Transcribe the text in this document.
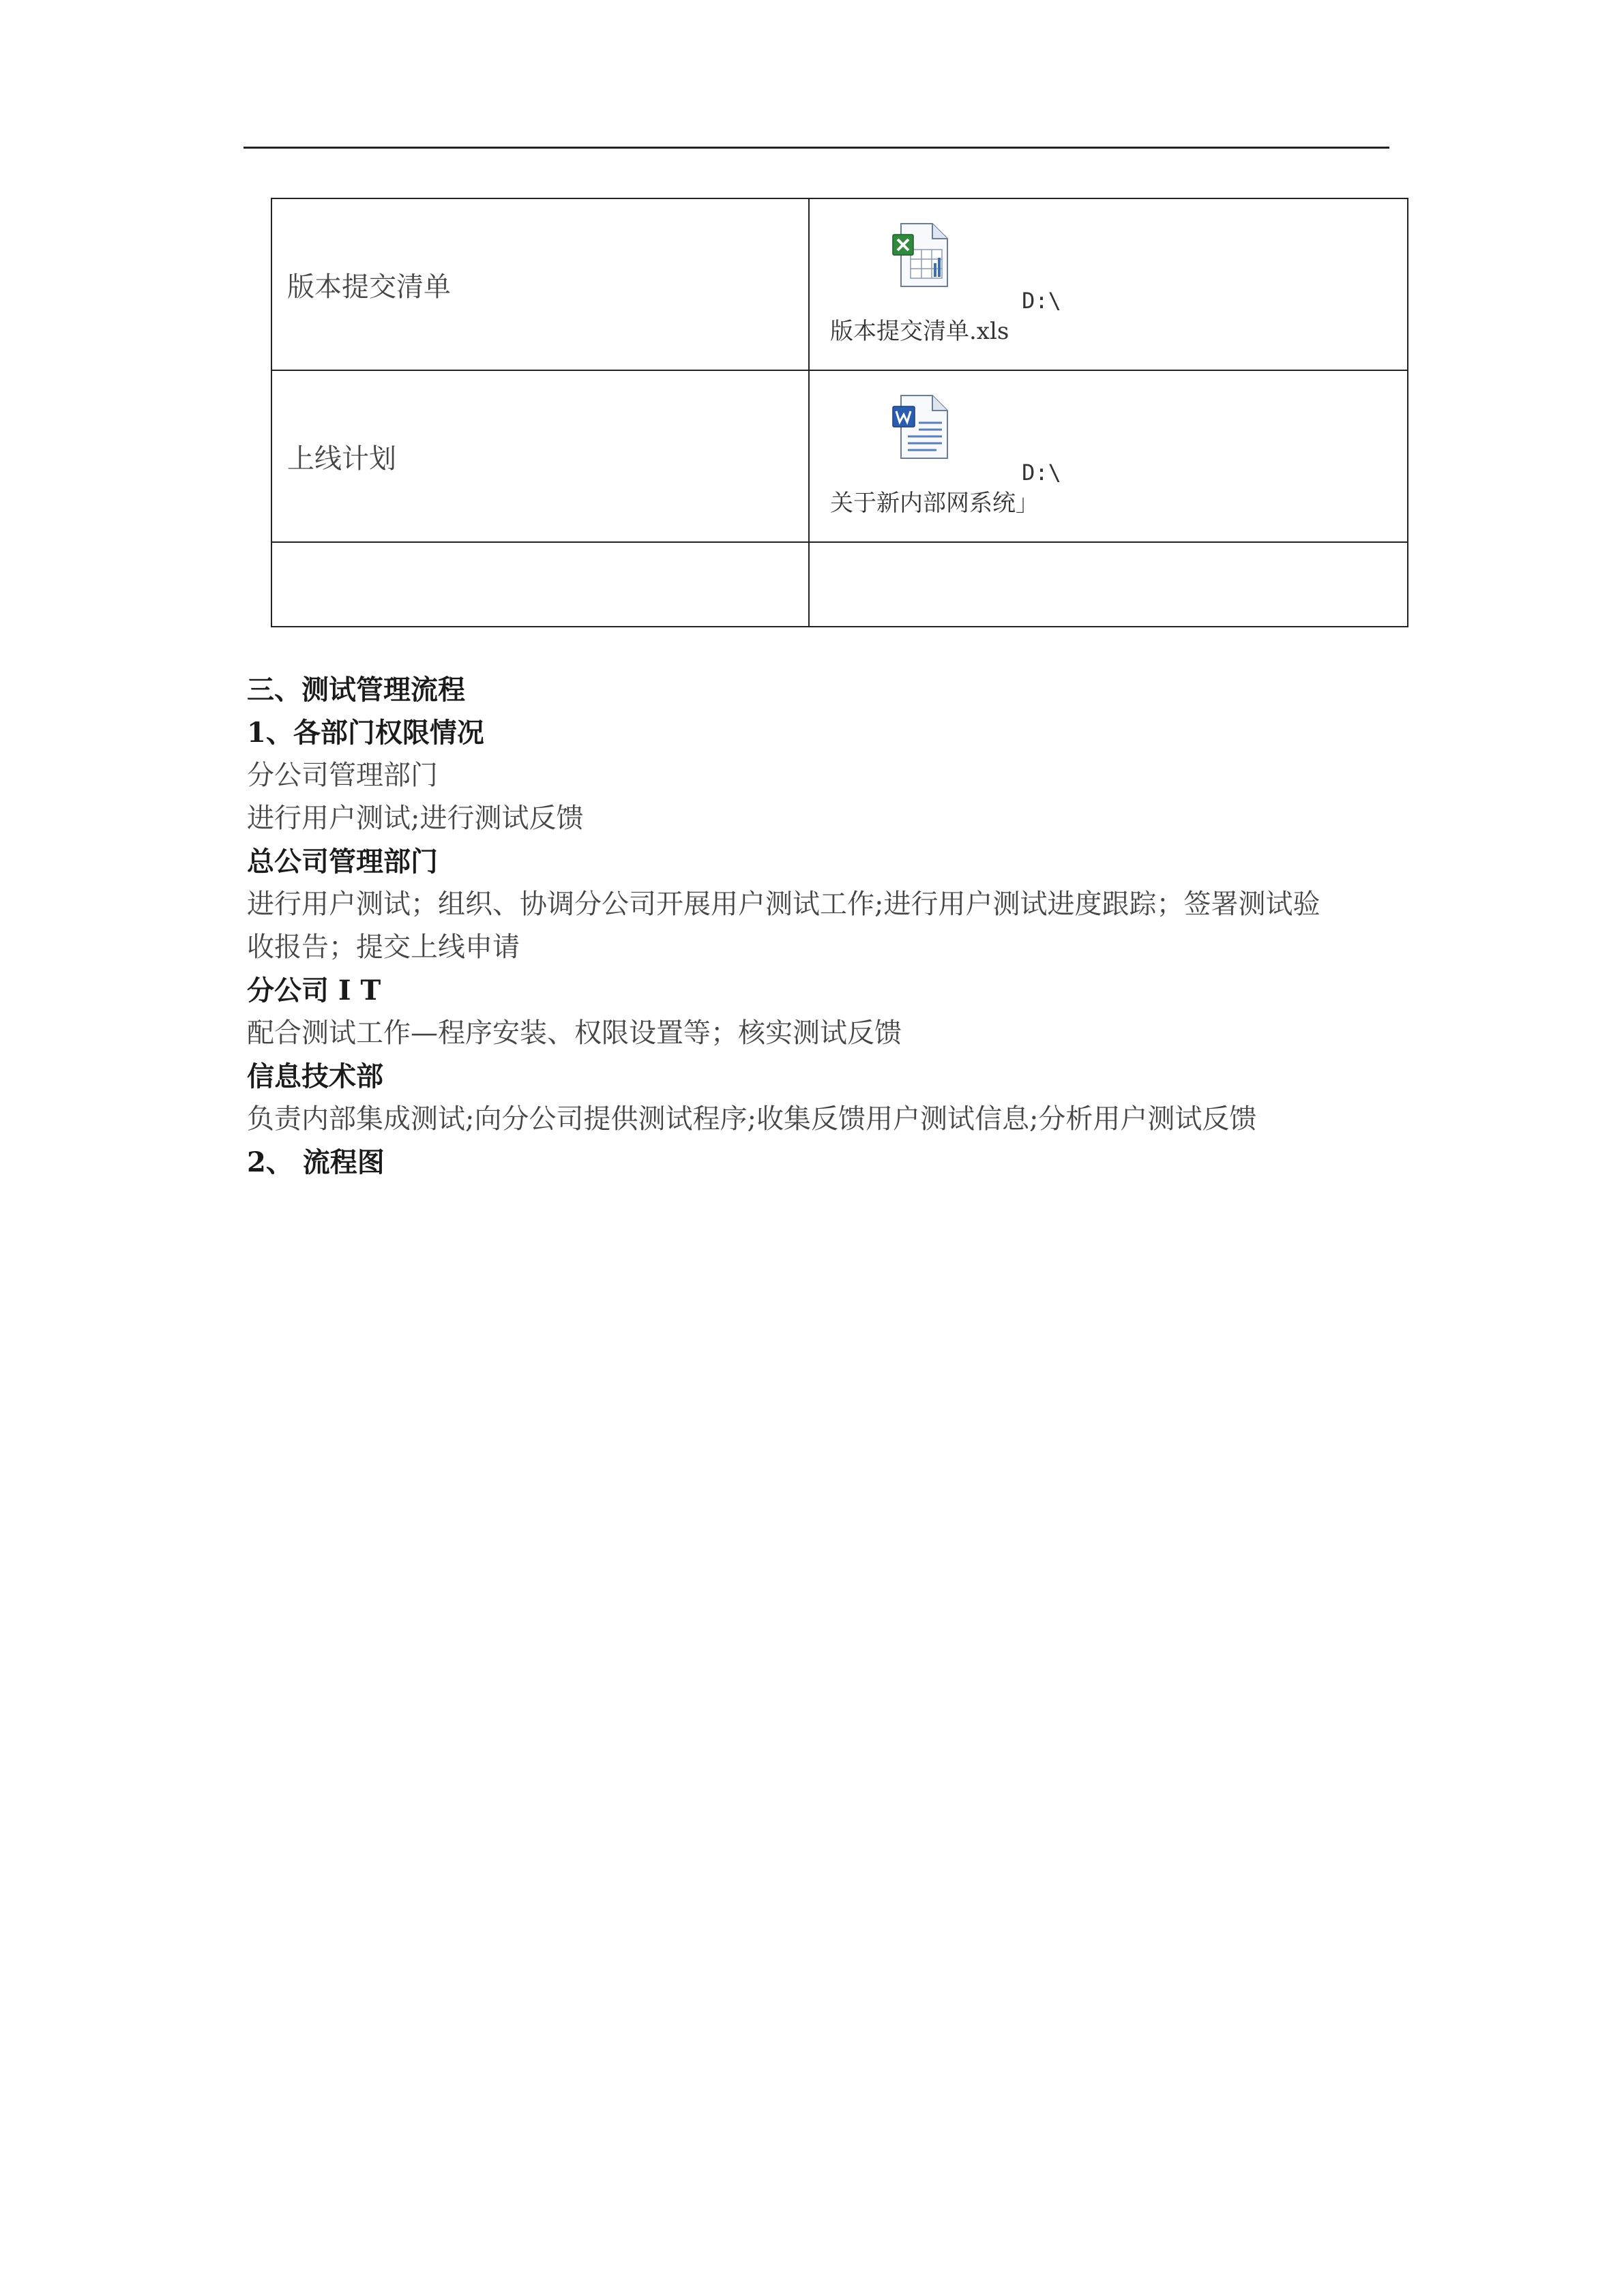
版本提交清单	D:\
版本提交清单.xls

上线计划	D:\
关于新内部网系统」

三、测试管理流程

1、各部门权限情况

分公司管理部门

进行用户测试;进行测试反馈

总公司管理部门

进行用户测试；组织、协调分公司开展用户测试工作;进行用户测试进度跟踪；签署测试验

收报告；提交上线申请

分公司 I T

配合测试工作—程序安装、权限设置等；核实测试反馈

信息技术部

负责内部集成测试;向分公司提供测试程序;收集反馈用户测试信息;分析用户测试反馈

2、 流程图
